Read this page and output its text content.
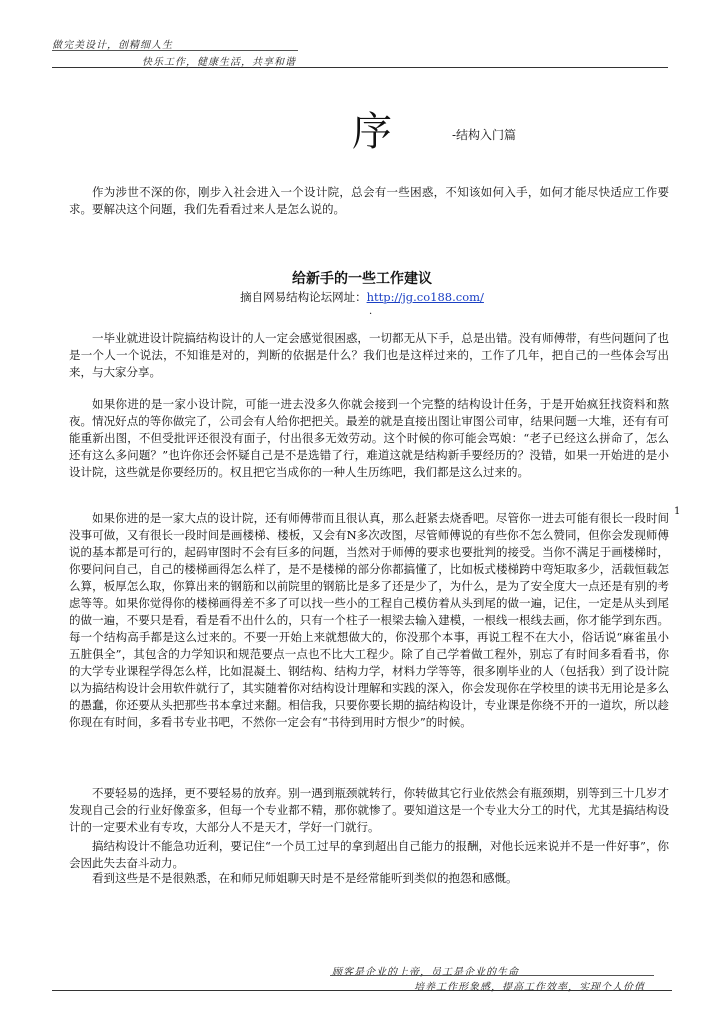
做完美设计，创精细人生
快乐工作，健康生活，共享和谐
序	-结构入门篇

作为涉世不深的你，刚步入社会进入一个设计院，总会有一些困惑，不知该如何入手，如何才能尽快适应工作要求。要解决这个问题，我们先看看过来人是怎么说的。

给新手的一些工作建议
摘自网易结构论坛网址：http://jg.co188.com/
.

一毕业就进设计院搞结构设计的人一定会感觉很困惑，一切都无从下手，总是出错。没有师傅带，有些问题问了也是一个人一个说法，不知谁是对的，判断的依据是什么？我们也是这样过来的，工作了几年，把自己的一些体会写出来，与大家分享。

如果你进的是一家小设计院，可能一进去没多久你就会接到一个完整的结构设计任务，于是开始疯狂找资料和熬夜。情况好点的等你做完了，公司会有人给你把把关。最差的就是直接出图让审图公司审，结果问题一大堆，还有有可能重新出图，不但受批评还很没有面子，付出很多无效劳动。这个时候的你可能会骂娘：“老子已经这么拼命了，怎么还有这么多问题？”也许你还会怀疑自己是不是选错了行，难道这就是结构新手要经历的？没错，如果一开始进的是小设计院，这些就是你要经历的。权且把它当成你的一种人生历练吧，我们都是这么过来的。

如果你进的是一家大点的设计院，还有师傅带而且很认真，那么赶紧去烧香吧。尽管你一进去可能有很长一段时间没事可做，又有很长一段时间是画楼梯、楼板，又会有N多次改图，尽管师傅说的有些你不怎么赞同，但你会发现师傅说的基本都是可行的，起码审图时不会有巨多的问题，当然对于师傅的要求也要批判的接受。当你不满足于画楼梯时，你要问问自己，自己的楼梯画得怎么样了，是不是楼梯的部分你都搞懂了，比如板式楼梯跨中弯矩取多少，活载恒载怎么算，板厚怎么取，你算出来的钢筋和以前院里的钢筋比是多了还是少了，为什么，是为了安全度大一点还是有别的考虑等等。如果你觉得你的楼梯画得差不多了可以找一些小的工程自己模仿着从头到尾的做一遍，记住，一定是从头到尾的做一遍，不要只是看，看是看不出什么的，只有一个柱子一根梁去输入建模，一根线一根线去画，你才能学到东西。每一个结构高手都是这么过来的。不要一开始上来就想做大的，你没那个本事，再说工程不在大小，俗话说“麻雀虽小五脏俱全”，其包含的力学知识和规范要点一点也不比大工程少。除了自己学着做工程外，别忘了有时间多看看书，你的大学专业课程学得怎么样，比如混凝土、钢结构、结构力学，材料力学等等，很多刚毕业的人（包括我）到了设计院以为搞结构设计会用软件就行了，其实随着你对结构设计理解和实践的深入，你会发现你在学校里的读书无用论是多么的愚蠢，你还要从头把那些书本拿过来翻。相信我，只要你要长期的搞结构设计，专业课是你绕不开的一道坎，所以趁你现在有时间，多看书专业书吧，不然你一定会有“书待到用时方恨少”的时候。

不要轻易的选择，更不要轻易的放弃。别一遇到瓶颈就转行，你转做其它行业依然会有瓶颈期，别等到三十几岁才发现自己会的行业好像蛮多，但每一个专业都不精，那你就惨了。要知道这是一个专业大分工的时代，尤其是搞结构设计的一定要术业有专攻，大部分人不是天才，学好一门就行。

搞结构设计不能急功近利，要记住“一个员工过早的拿到超出自己能力的报酬，对他长远来说并不是一件好事”，你会因此失去奋斗动力。

看到这些是不是很熟悉，在和师兄师姐聊天时是不是经常能听到类似的抱怨和感慨。

1
顾客是企业的上帝，员工是企业的生命
培养工作形象感，提高工作效率，实现个人价值
